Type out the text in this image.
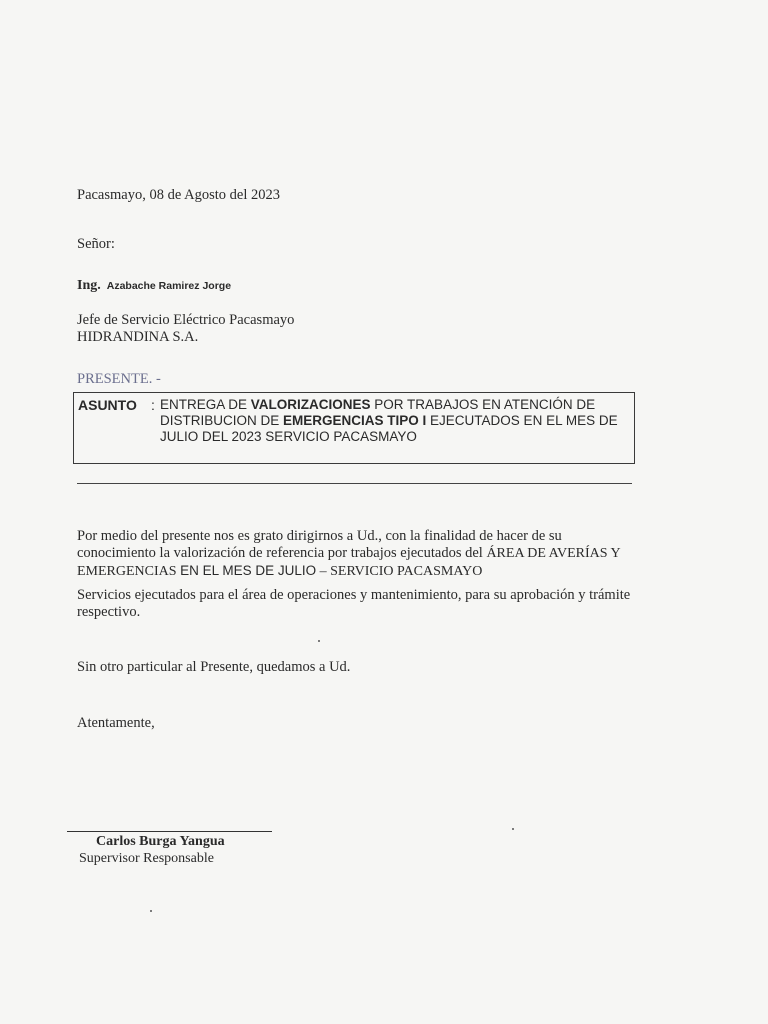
Pacasmayo, 08 de Agosto del 2023

Señor:

Ing. Azabache Ramirez Jorge

Jefe de Servicio Eléctrico Pacasmayo
HIDRANDINA S.A.

PRESENTE. -

ASUNTO : ENTREGA DE VALORIZACIONES POR TRABAJOS EN ATENCIÓN DE DISTRIBUCION DE EMERGENCIAS TIPO I EJECUTADOS EN EL MES DE JULIO DEL 2023 SERVICIO PACASMAYO

Por medio del presente nos es grato dirigirnos a Ud., con la finalidad de hacer de su conocimiento la valorización de referencia por trabajos ejecutados del ÁREA DE AVERÍAS Y EMERGENCIAS EN EL MES DE JULIO – SERVICIO PACASMAYO

Servicios ejecutados para el área de operaciones y mantenimiento, para su aprobación y trámite respectivo.

Sin otro particular al Presente, quedamos a Ud.

Atentamente,

Carlos Burga Yangua

Supervisor Responsable
